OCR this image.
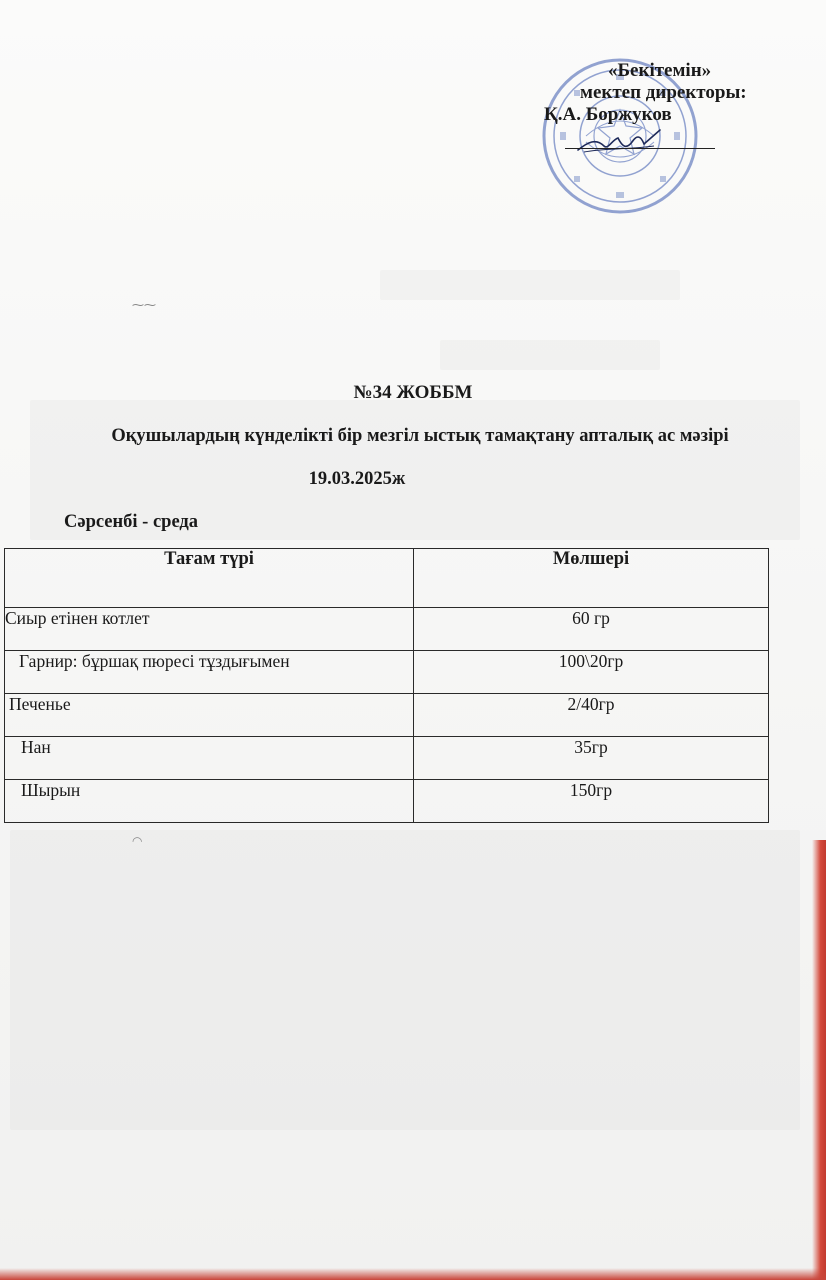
«Бекітемін»
мектеп директоры:
Қ.А. Боржуков
⁓⁓
◠
№34 ЖОББМ
Оқушылардың күнделікті бір мезгіл ыстық тамақтану апталық ас мәзірі
19.03.2025ж
Сәрсенбі - среда
Тағам түрі	Мөлшері
Сиыр етінен котлет	60 гр
Гарнир: бұршақ пюресі тұздығымен	100\20гр
Печенье	2/40гр
Нан	35гр
Шырын	150гр
